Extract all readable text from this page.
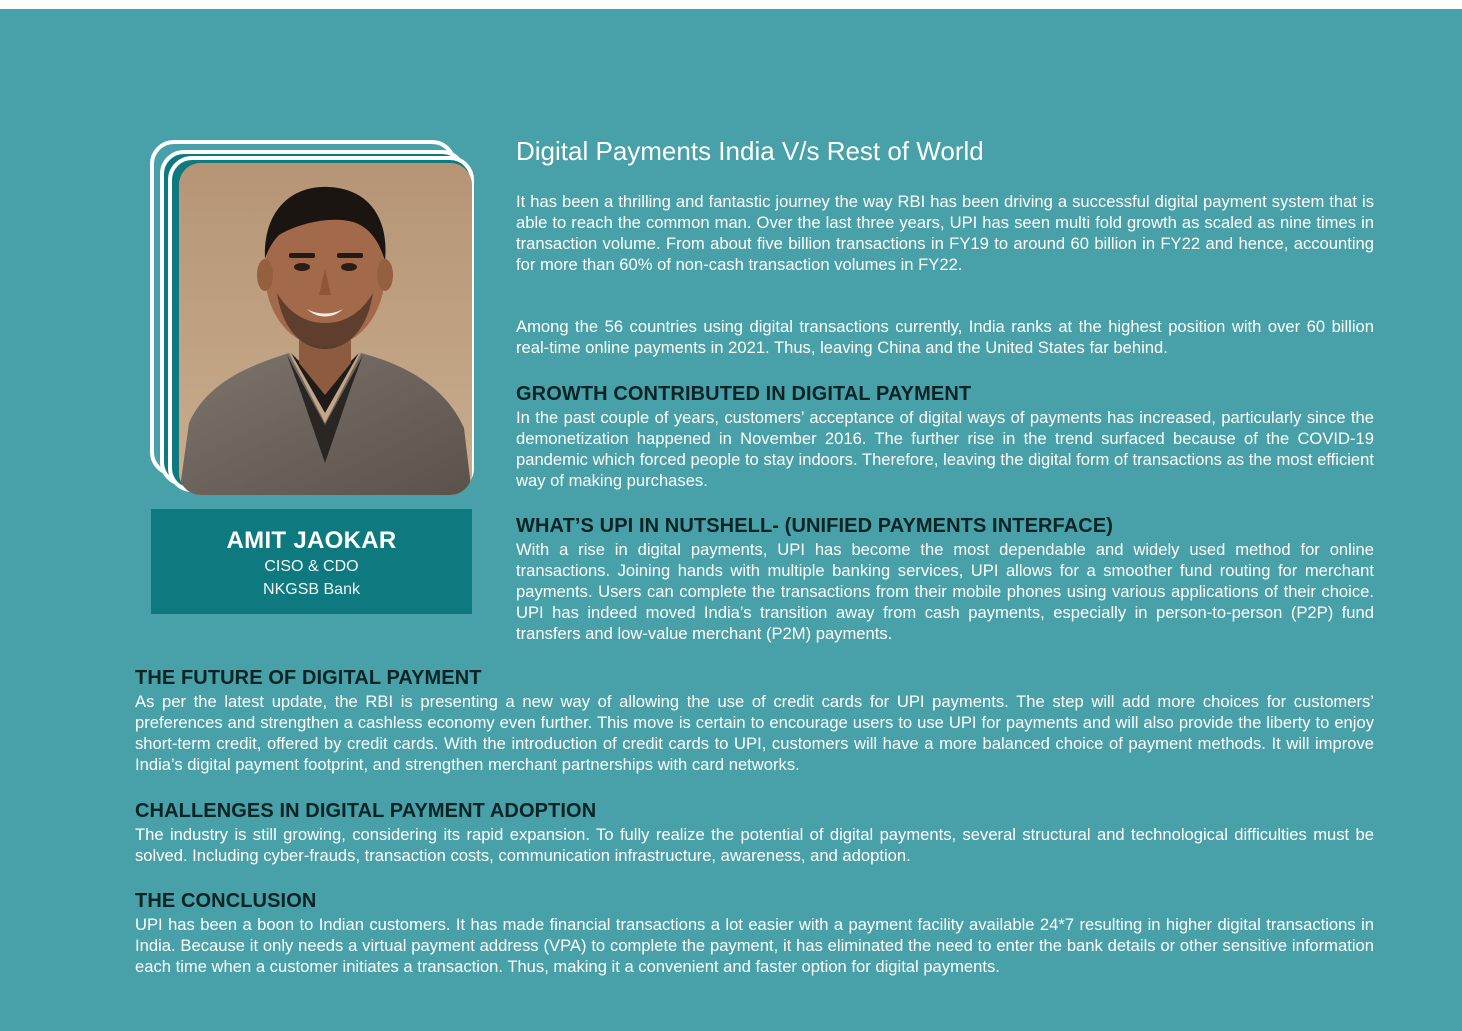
AMIT JAOKAR
CISO & CDO
NKGSB Bank
Digital Payments India V/s Rest of World

It has been a thrilling and fantastic journey the way RBI has been driving a successful digital payment system that is able to reach the common man. Over the last three years, UPI has seen multi fold growth as scaled as nine times in transaction volume. From about five billion transactions in FY19 to around 60 billion in FY22 and hence, accounting for more than 60% of non-cash transaction volumes in FY22.

Among the 56 countries using digital transactions currently, India ranks at the highest position with over 60 billion real-time online payments in 2021. Thus, leaving China and the United States far behind.

GROWTH CONTRIBUTED IN DIGITAL PAYMENT

In the past couple of years, customers’ acceptance of digital ways of payments has increased, particularly since the demonetization happened in November 2016. The further rise in the trend surfaced because of the COVID-19 pandemic which forced people to stay indoors. Therefore, leaving the digital form of transactions as the most efficient way of making purchases.

WHAT’S UPI IN NUTSHELL- (UNIFIED PAYMENTS INTERFACE)

With a rise in digital payments, UPI has become the most dependable and widely used method for online transactions. Joining hands with multiple banking services, UPI allows for a smoother fund routing for merchant payments. Users can complete the transactions from their mobile phones using various applications of their choice. UPI has indeed moved India’s transition away from cash payments, especially in person-to-person (P2P) fund transfers and low-value merchant (P2M) payments.

THE FUTURE OF DIGITAL PAYMENT

As per the latest update, the RBI is presenting a new way of allowing the use of credit cards for UPI payments. The step will add more choices for customers’ preferences and strengthen a cashless economy even further. This move is certain to encourage users to use UPI for payments and will also provide the liberty to enjoy short-term credit, offered by credit cards. With the introduction of credit cards to UPI, customers will have a more balanced choice of payment methods. It will improve India’s digital payment footprint, and strengthen merchant partnerships with card networks.

CHALLENGES IN DIGITAL PAYMENT ADOPTION

The industry is still growing, considering its rapid expansion. To fully realize the potential of digital payments, several structural and technological difficulties must be solved. Including cyber-frauds, transaction costs, communication infrastructure, awareness, and adoption.

THE CONCLUSION

UPI has been a boon to Indian customers. It has made financial transactions a lot easier with a payment facility available 24*7 resulting in higher digital transactions in India. Because it only needs a virtual payment address (VPA) to complete the payment, it has eliminated the need to enter the bank details or other sensitive information each time when a customer initiates a transaction. Thus, making it a convenient and faster option for digital payments.
